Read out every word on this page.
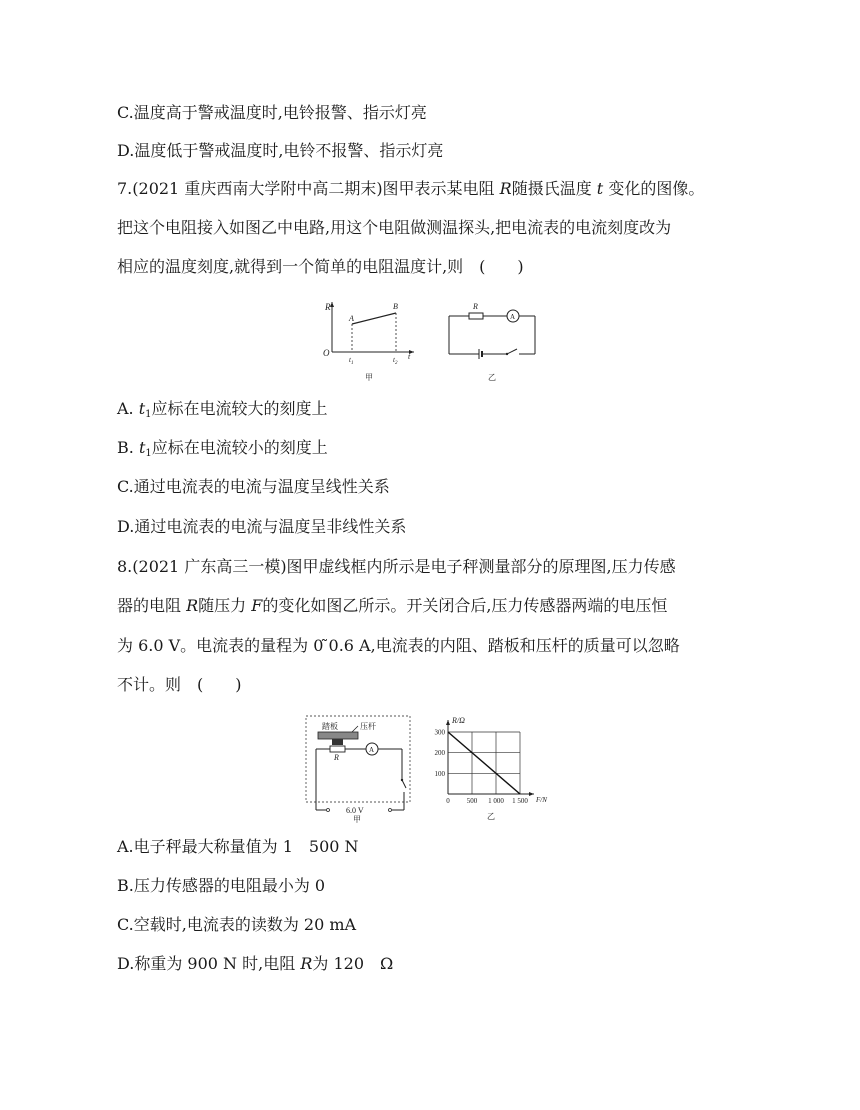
C.温度高于警戒温度时,电铃报警、指示灯亮
D.温度低于警戒温度时,电铃不报警、指示灯亮
7.(2021 重庆西南大学附中高二期末)图甲表示某电阻 R随摄氏温度 t 变化的图像。
把这个电阻接入如图乙中电路,用这个电阻做测温探头,把电流表的电流刻度改为
相应的温度刻度,就得到一个简单的电阻温度计,则　(　　)
R
O
A
B
$t_1$	$t_2$
t
甲
A
R
乙
A. $t_1$应标在电流较大的刻度上
B. $t_1$应标在电流较小的刻度上
C.通过电流表的电流与温度呈线性关系
D.通过电流表的电流与温度呈非线性关系
8.(2021 广东高三一模)图甲虚线框内所示是电子秤测量部分的原理图,压力传感
器的电阻 R随压力 F的变化如图乙所示。开关闭合后,压力传感器两端的电压恒
为 6.0 V。电流表的量程为 0 ̃0.6 A,电流表的内阻、踏板和压杆的质量可以忽略
不计。则　(　　)
踏板	压杆
A
R
6.0 V
甲
R/Ω
F/N
300
200
100
0 500 1 000 1 500
乙
A.电子秤最大称量值为 1　500 N
B.压力传感器的电阻最小为 0
C.空载时,电流表的读数为 20 mA
D.称重为 900 N 时,电阻 R为 120　Ω
